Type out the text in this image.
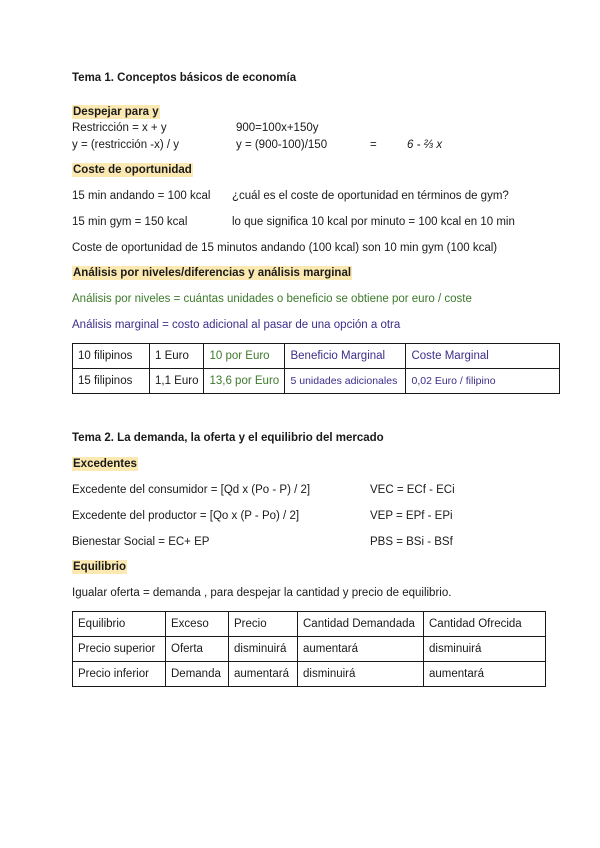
Tema 1. Conceptos básicos de economía
Despejar para y
Restricción = x + y	900=100x+150y
y = (restricción -x) / y	y = (900-100)/150	=	6 - ⅔ x
Coste de oportunidad
15 min andando = 100 kcal ¿cuál es el coste de oportunidad en términos de gym?
15 min gym = 150 kcal	lo que significa 10 kcal por minuto = 100 kcal en 10 min
Coste de oportunidad de 15 minutos andando (100 kcal) son 10 min gym (100 kcal)
Análisis por niveles/diferencias y análisis marginal
Análisis por niveles = cuántas unidades o beneficio se obtiene por euro / coste
Análisis marginal = costo adicional al pasar de una opción a otra
10 filipinos	1 Euro	10 por Euro	Beneficio Marginal	Coste Marginal
15 filipinos	1,1 Euro	13,6 por Euro	5 unidades adicionales	0,02 Euro / filipino
Tema 2. La demanda, la oferta y el equilibrio del mercado
Excedentes
Excedente del consumidor = [Qd x (Po - P) / 2]	VEC = ECf - ECi
Excedente del productor = [Qo x (P - Po) / 2]	VEP = EPf - EPi
Bienestar Social = EC+ EP	PBS = BSi - BSf
Equilibrio
Igualar oferta = demanda , para despejar la cantidad y precio de equilibrio.
Equilibrio	Exceso	Precio	Cantidad Demandada	Cantidad Ofrecida
Precio superior	Oferta	disminuirá	aumentará	disminuirá
Precio inferior	Demanda	aumentará	disminuirá	aumentará
